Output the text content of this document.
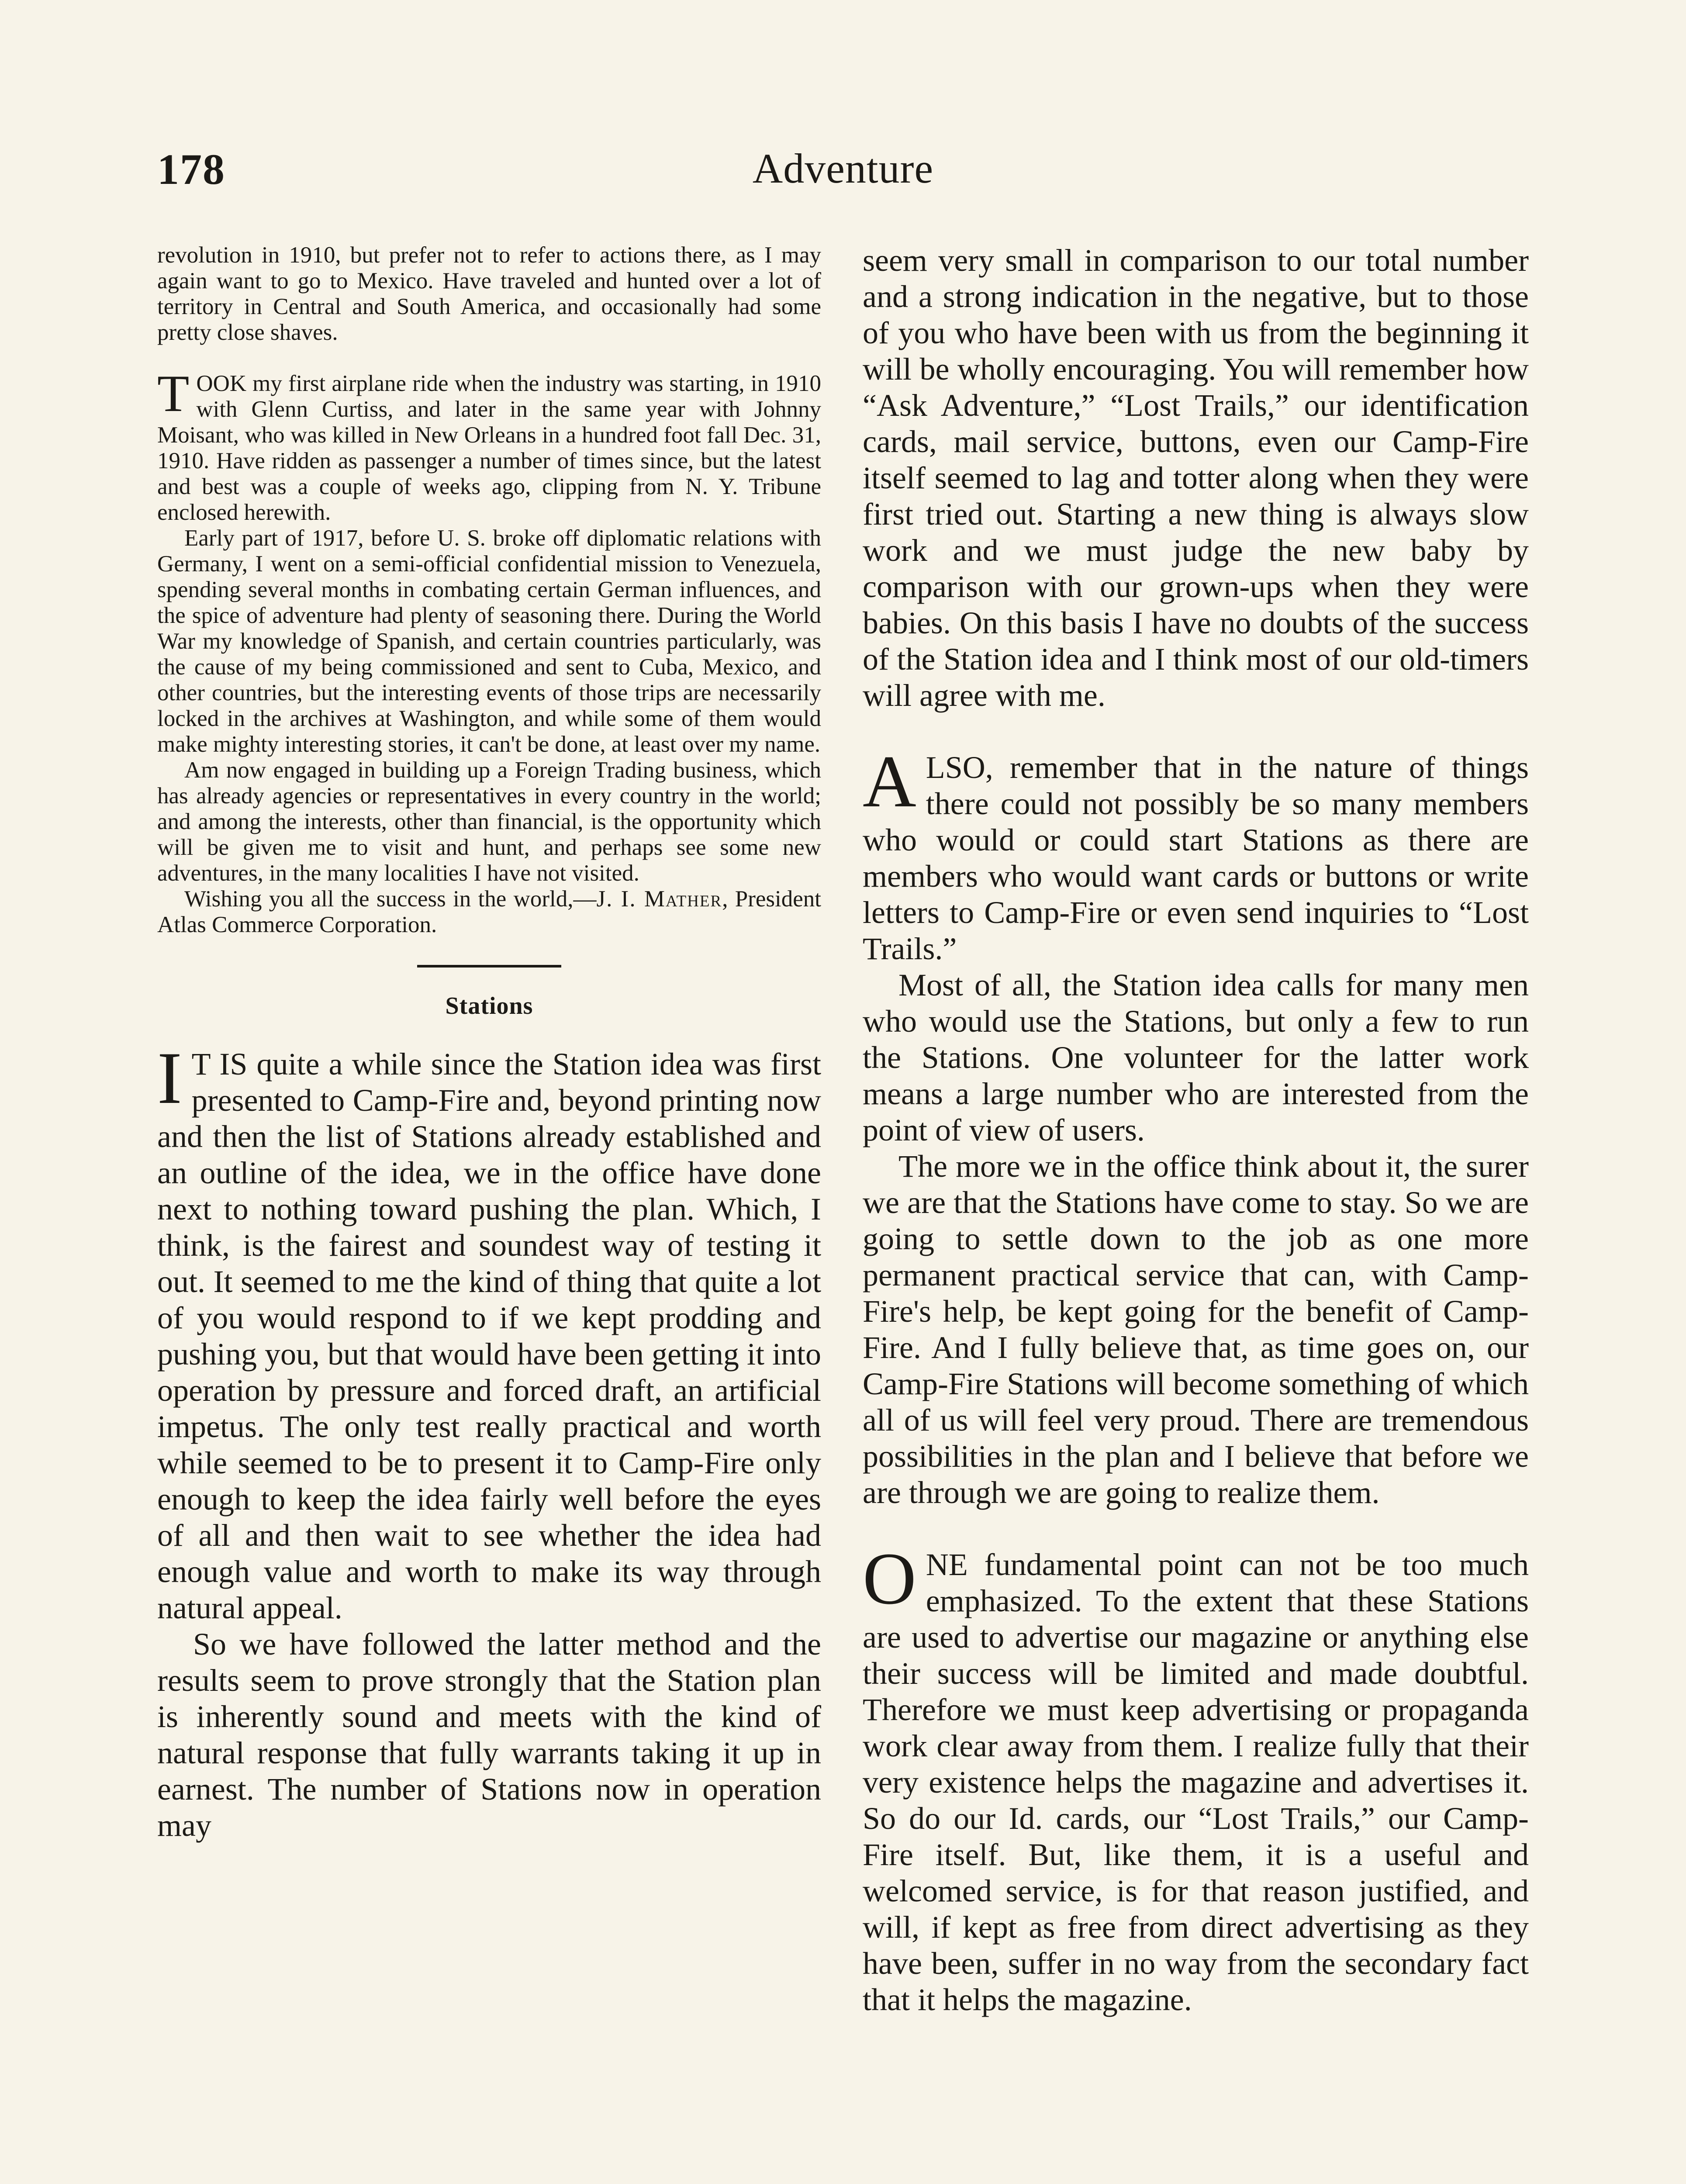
178	Adventure

revolution in 1910, but prefer not to refer to actions there, as I may again want to go to Mexico. Have traveled and hunted over a lot of territory in Central and South America, and occasionally had some pretty close shaves.

TOOK my first airplane ride when the industry was starting, in 1910 with Glenn Curtiss, and later in the same year with Johnny Moisant, who was killed in New Orleans in a hundred foot fall Dec. 31, 1910. Have ridden as passenger a number of times since, but the latest and best was a couple of weeks ago, clipping from N. Y. Tribune enclosed herewith.

Early part of 1917, before U. S. broke off diplomatic relations with Germany, I went on a semi-official confidential mission to Venezuela, spending several months in combating certain German influences, and the spice of adventure had plenty of seasoning there. During the World War my knowledge of Spanish, and certain countries particularly, was the cause of my being commissioned and sent to Cuba, Mexico, and other countries, but the interesting events of those trips are necessarily locked in the archives at Washington, and while some of them would make mighty interesting stories, it can't be done, at least over my name.

Am now engaged in building up a Foreign Trading business, which has already agencies or representatives in every country in the world; and among the interests, other than financial, is the opportunity which will be given me to visit and hunt, and perhaps see some new adventures, in the many localities I have not visited.

Wishing you all the success in the world,—J. I. Mather, President Atlas Commerce Corporation.

Stations

I T IS quite a while since the Station idea was first presented to Camp-Fire and, beyond printing now and then the list of Stations already established and an outline of the idea, we in the office have done next to nothing toward pushing the plan. Which, I think, is the fairest and soundest way of testing it out. It seemed to me the kind of thing that quite a lot of you would respond to if we kept prodding and pushing you, but that would have been getting it into operation by pressure and forced draft, an artificial impetus. The only test really practical and worth while seemed to be to present it to Camp-Fire only enough to keep the idea fairly well before the eyes of all and then wait to see whether the idea had enough value and worth to make its way through natural appeal.

So we have followed the latter method and the results seem to prove strongly that the Station plan is inherently sound and meets with the kind of natural response that fully warrants taking it up in earnest. The number of Stations now in operation may

seem very small in comparison to our total number and a strong indication in the negative, but to those of you who have been with us from the beginning it will be wholly encouraging. You will remember how “Ask Adventure,” “Lost Trails,” our identification cards, mail service, buttons, even our Camp-Fire itself seemed to lag and totter along when they were first tried out. Starting a new thing is always slow work and we must judge the new baby by comparison with our grown-ups when they were babies. On this basis I have no doubts of the success of the Station idea and I think most of our old-timers will agree with me.

ALSO, remember that in the nature of things there could not possibly be so many members who would or could start Stations as there are members who would want cards or buttons or write letters to Camp-Fire or even send inquiries to “Lost Trails.”

Most of all, the Station idea calls for many men who would use the Stations, but only a few to run the Stations. One volunteer for the latter work means a large number who are interested from the point of view of users.

The more we in the office think about it, the surer we are that the Stations have come to stay. So we are going to settle down to the job as one more permanent practical service that can, with Camp-Fire's help, be kept going for the benefit of Camp-Fire. And I fully believe that, as time goes on, our Camp-Fire Stations will become something of which all of us will feel very proud. There are tremendous possibilities in the plan and I believe that before we are through we are going to realize them.

ONE fundamental point can not be too much emphasized. To the extent that these Stations are used to advertise our magazine or anything else their success will be limited and made doubtful. Therefore we must keep advertising or propaganda work clear away from them. I realize fully that their very existence helps the magazine and advertises it. So do our Id. cards, our “Lost Trails,” our Camp-Fire itself. But, like them, it is a useful and welcomed service, is for that reason justified, and will, if kept as free from direct advertising as they have been, suffer in no way from the secondary fact that it helps the magazine.
